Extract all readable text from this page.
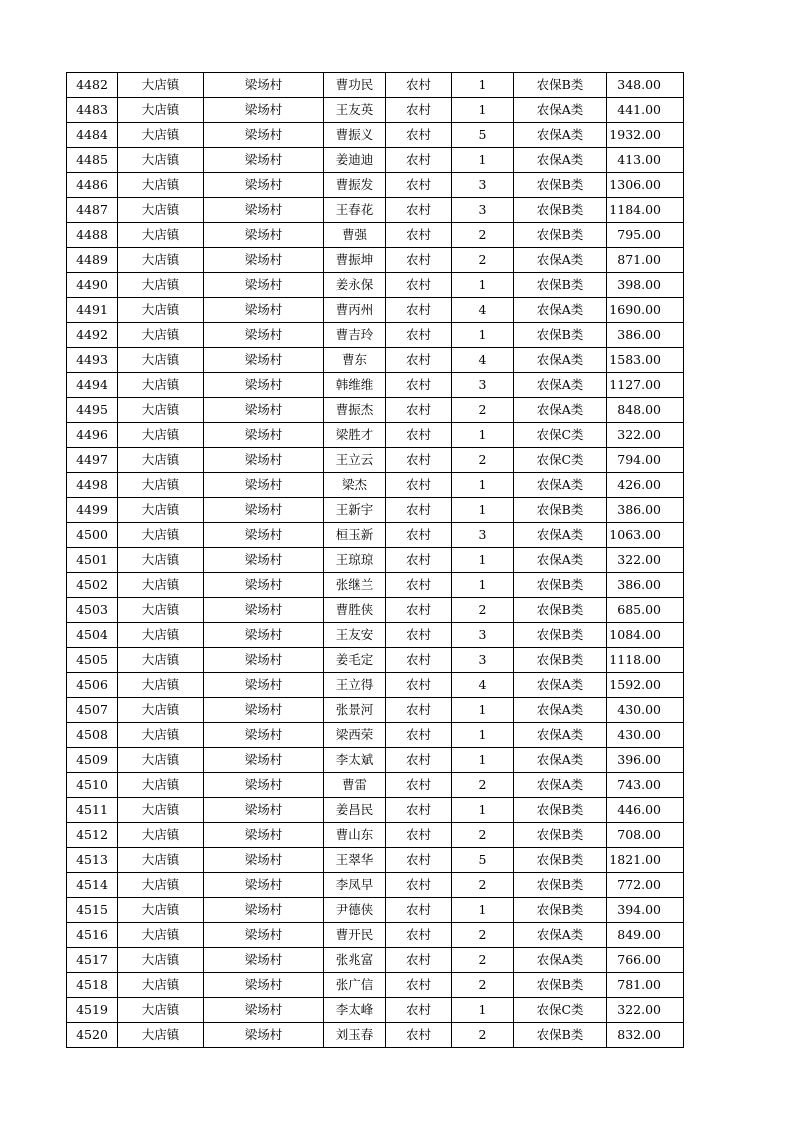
4482	大店镇	梁场村	曹功民	农村	1	农保B类	348.00
4483	大店镇	梁场村	王友英	农村	1	农保A类	441.00
4484	大店镇	梁场村	曹振义	农村	5	农保A类	1932.00
4485	大店镇	梁场村	姜迪迪	农村	1	农保A类	413.00
4486	大店镇	梁场村	曹振发	农村	3	农保B类	1306.00
4487	大店镇	梁场村	王春花	农村	3	农保B类	1184.00
4488	大店镇	梁场村	曹强	农村	2	农保B类	795.00
4489	大店镇	梁场村	曹振坤	农村	2	农保A类	871.00
4490	大店镇	梁场村	姜永保	农村	1	农保B类	398.00
4491	大店镇	梁场村	曹丙州	农村	4	农保A类	1690.00
4492	大店镇	梁场村	曹吉玲	农村	1	农保B类	386.00
4493	大店镇	梁场村	曹东	农村	4	农保A类	1583.00
4494	大店镇	梁场村	韩维维	农村	3	农保A类	1127.00
4495	大店镇	梁场村	曹振杰	农村	2	农保A类	848.00
4496	大店镇	梁场村	梁胜才	农村	1	农保C类	322.00
4497	大店镇	梁场村	王立云	农村	2	农保C类	794.00
4498	大店镇	梁场村	梁杰	农村	1	农保A类	426.00
4499	大店镇	梁场村	王新宇	农村	1	农保B类	386.00
4500	大店镇	梁场村	桓玉新	农村	3	农保A类	1063.00
4501	大店镇	梁场村	王琼琼	农村	1	农保A类	322.00
4502	大店镇	梁场村	张继兰	农村	1	农保B类	386.00
4503	大店镇	梁场村	曹胜侠	农村	2	农保B类	685.00
4504	大店镇	梁场村	王友安	农村	3	农保B类	1084.00
4505	大店镇	梁场村	姜毛定	农村	3	农保B类	1118.00
4506	大店镇	梁场村	王立得	农村	4	农保A类	1592.00
4507	大店镇	梁场村	张景河	农村	1	农保A类	430.00
4508	大店镇	梁场村	梁西荣	农村	1	农保A类	430.00
4509	大店镇	梁场村	李太斌	农村	1	农保A类	396.00
4510	大店镇	梁场村	曹雷	农村	2	农保A类	743.00
4511	大店镇	梁场村	姜昌民	农村	1	农保B类	446.00
4512	大店镇	梁场村	曹山东	农村	2	农保B类	708.00
4513	大店镇	梁场村	王翠华	农村	5	农保B类	1821.00
4514	大店镇	梁场村	李凤早	农村	2	农保B类	772.00
4515	大店镇	梁场村	尹德侠	农村	1	农保B类	394.00
4516	大店镇	梁场村	曹开民	农村	2	农保A类	849.00
4517	大店镇	梁场村	张兆富	农村	2	农保A类	766.00
4518	大店镇	梁场村	张广信	农村	2	农保B类	781.00
4519	大店镇	梁场村	李太峰	农村	1	农保C类	322.00
4520	大店镇	梁场村	刘玉春	农村	2	农保B类	832.00
